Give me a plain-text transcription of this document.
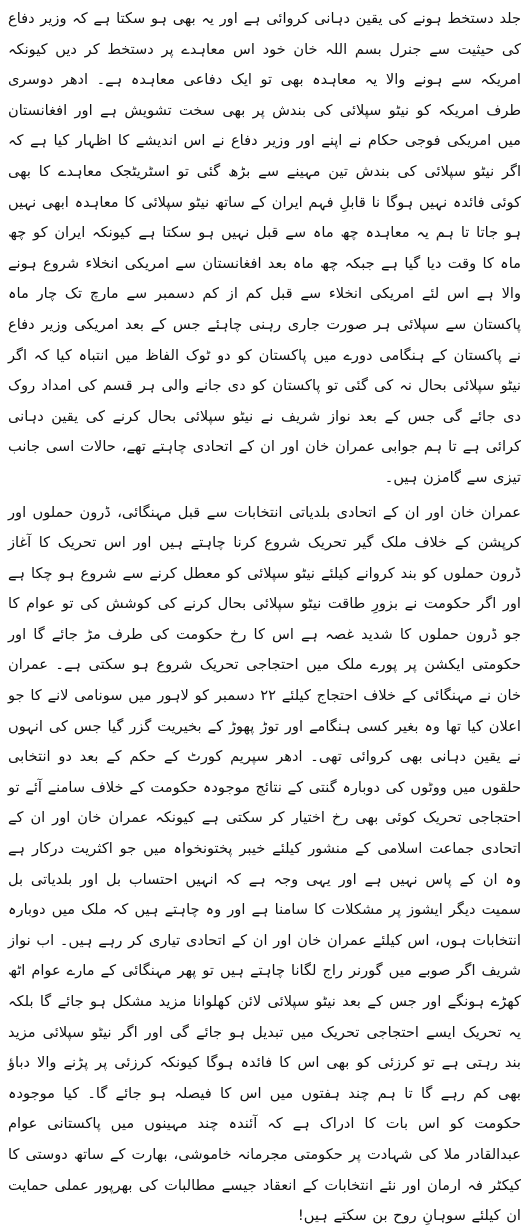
جلد دستخط ہونے کی یقین دہانی کروائی ہے اور یہ بھی ہو سکتا ہے کہ وزیر دفاع کی حیثیت سے جنرل بسم اللہ خان خود اس معاہدے پر دستخط کر دیں کیونکہ امریکہ سے ہونے والا یہ معاہدہ بھی تو ایک دفاعی معاہدہ ہے۔ ادھر دوسری طرف امریکہ کو نیٹو سپلائی کی بندش پر بھی سخت تشویش ہے اور افغانستان میں امریکی فوجی حکام نے اپنے اور وزیر دفاع نے اس اندیشے کا اظہار کیا ہے کہ اگر نیٹو سپلائی کی بندش تین مہینے سے بڑھ گئی تو اسٹریٹجک معاہدے کا بھی کوئی فائدہ نہیں ہوگا نا قابلِ فہم ایران کے ساتھ نیٹو سپلائی کا معاہدہ ابھی نہیں ہو جاتا تا ہم یہ معاہدہ چھ ماہ سے قبل نہیں ہو سکتا ہے کیونکہ ایران کو چھ ماہ کا وقت دیا گیا ہے جبکہ چھ ماہ بعد افغانستان سے امریکی انخلاء شروع ہونے والا ہے اس لئے امریکی انخلاء سے قبل کم از کم دسمبر سے مارچ تک چار ماہ پاکستان سے سپلائی ہر صورت جاری رہنی چاہئے جس کے بعد امریکی وزیر دفاع نے پاکستان کے ہنگامی دورے میں پاکستان کو دو ٹوک الفاظ میں انتباہ کیا کہ اگر نیٹو سپلائی بحال نہ کی گئی تو پاکستان کو دی جانے والی ہر قسم کی امداد روک دی جائے گی جس کے بعد نواز شریف نے نیٹو سپلائی بحال کرنے کی یقین دہانی کرائی ہے تا ہم جوابی عمران خان اور ان کے اتحادی چاہتے تھے، حالات اسی جانب تیزی سے گامزن ہیں۔

عمران خان اور ان کے اتحادی بلدیاتی انتخابات سے قبل مہنگائی، ڈرون حملوں اور کرپشن کے خلاف ملک گیر تحریک شروع کرنا چاہتے ہیں اور اس تحریک کا آغاز ڈرون حملوں کو بند کروانے کیلئے نیٹو سپلائی کو معطل کرنے سے شروع ہو چکا ہے اور اگر حکومت نے بزورِ طاقت نیٹو سپلائی بحال کرنے کی کوشش کی تو عوام کا جو ڈرون حملوں کا شدید غصہ ہے اس کا رخ حکومت کی طرف مڑ جائے گا اور حکومتی ایکشن پر پورے ملک میں احتجاجی تحریک شروع ہو سکتی ہے۔ عمران خان نے مہنگائی کے خلاف احتجاج کیلئے ۲۲ دسمبر کو لاہور میں سونامی لانے کا جو اعلان کیا تھا وہ بغیر کسی ہنگامے اور توڑ پھوڑ کے بخیریت گزر گیا جس کی انہوں نے یقین دہانی بھی کروائی تھی۔ ادھر سپریم کورٹ کے حکم کے بعد دو انتخابی حلقوں میں ووٹوں کی دوبارہ گنتی کے نتائج موجودہ حکومت کے خلاف سامنے آئے تو احتجاجی تحریک کوئی بھی رخ اختیار کر سکتی ہے کیونکہ عمران خان اور ان کے اتحادی جماعت اسلامی کے منشور کیلئے خیبر پختونخواہ میں جو اکثریت درکار ہے وہ ان کے پاس نہیں ہے اور یہی وجہ ہے کہ انہیں احتساب بل اور بلدیاتی بل سمیت دیگر ایشوز پر مشکلات کا سامنا ہے اور وہ چاہتے ہیں کہ ملک میں دوبارہ انتخابات ہوں، اس کیلئے عمران خان اور ان کے اتحادی تیاری کر رہے ہیں۔ اب نواز شریف اگر صوبے میں گورنر راج لگانا چاہتے ہیں تو پھر مہنگائی کے مارے عوام اٹھ کھڑے ہونگے اور جس کے بعد نیٹو سپلائی لائن کھلوانا مزید مشکل ہو جائے گا بلکہ یہ تحریک ایسے احتجاجی تحریک میں تبدیل ہو جائے گی اور اگر نیٹو سپلائی مزید بند رہتی ہے تو کرزئی کو بھی اس کا فائدہ ہوگا کیونکہ کرزئی پر پڑنے والا دباؤ بھی کم رہے گا تا ہم چند ہفتوں میں اس کا فیصلہ ہو جائے گا۔ کیا موجودہ حکومت کو اس بات کا ادراک ہے کہ آئندہ چند مہینوں میں پاکستانی عوام عبدالقادر ملا کی شہادت پر حکومتی مجرمانہ خاموشی، بھارت کے ساتھ دوستی کا کیکٹر فہ ارمان اور نئے انتخابات کے انعقاد جیسے مطالبات کی بھرپور عملی حمایت ان کیلئے سوہانِ روح بن سکتے ہیں!
